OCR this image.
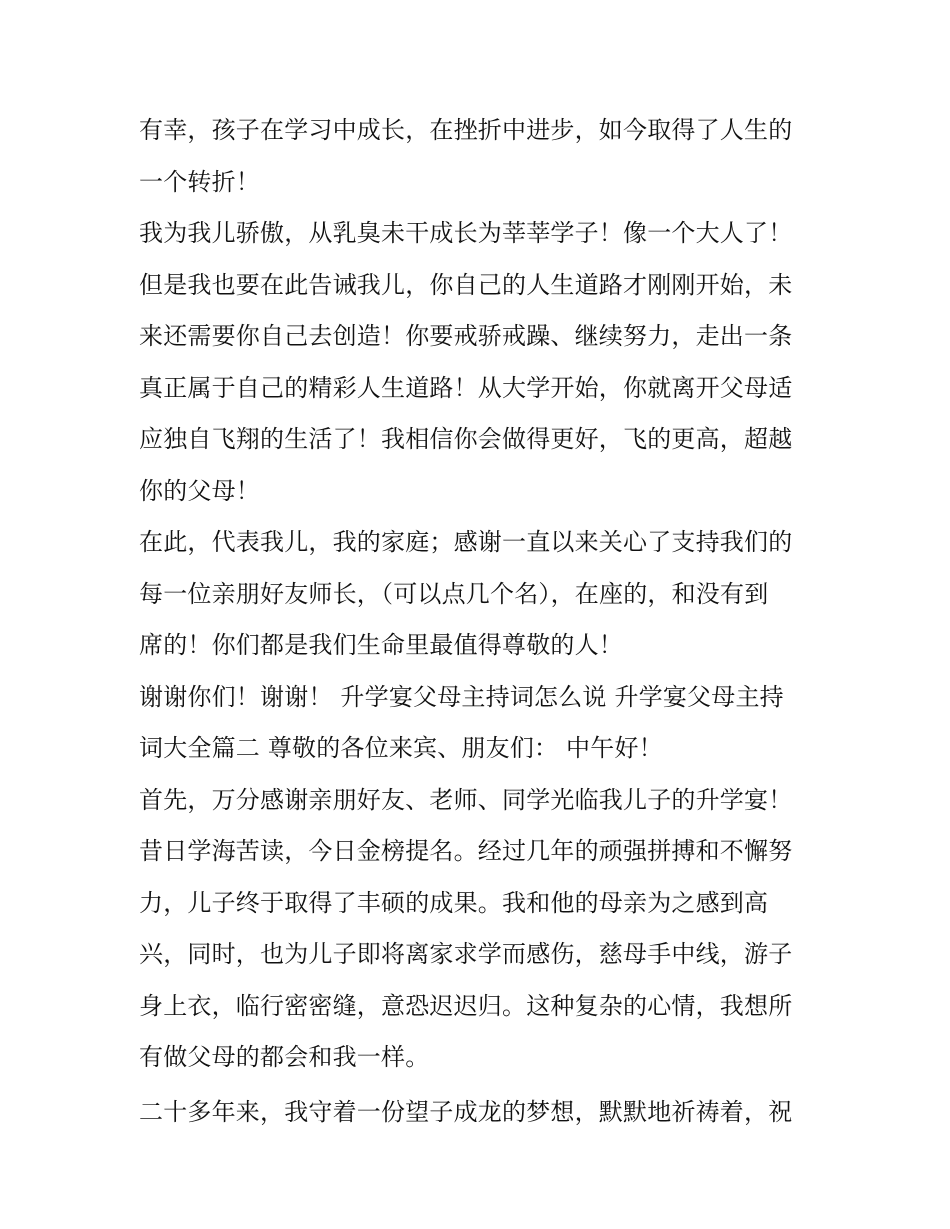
有幸，孩子在学习中成长，在挫折中进步，如今取得了人生的
一个转折！
我为我儿骄傲，从乳臭未干成长为莘莘学子！像一个大人了！
但是我也要在此告诫我儿，你自己的人生道路才刚刚开始，未
来还需要你自己去创造！你要戒骄戒躁、继续努力，走出一条
真正属于自己的精彩人生道路！从大学开始，你就离开父母适
应独自飞翔的生活了！我相信你会做得更好，飞的更高，超越
你的父母！
在此，代表我儿，我的家庭；感谢一直以来关心了支持我们的
每一位亲朋好友师长，（可以点几个名），在座的，和没有到
席的！你们都是我们生命里最值得尊敬的人！
谢谢你们！谢谢！ 升学宴父母主持词怎么说 升学宴父母主持
词大全篇二 尊敬的各位来宾、朋友们： 中午好！
首先，万分感谢亲朋好友、老师、同学光临我儿子的升学宴！
昔日学海苦读，今日金榜提名。经过几年的顽强拼搏和不懈努
力，儿子终于取得了丰硕的成果。我和他的母亲为之感到高
兴，同时，也为儿子即将离家求学而感伤，慈母手中线，游子
身上衣，临行密密缝，意恐迟迟归。这种复杂的心情，我想所
有做父母的都会和我一样。
二十多年来，我守着一份望子成龙的梦想，默默地祈祷着，祝
